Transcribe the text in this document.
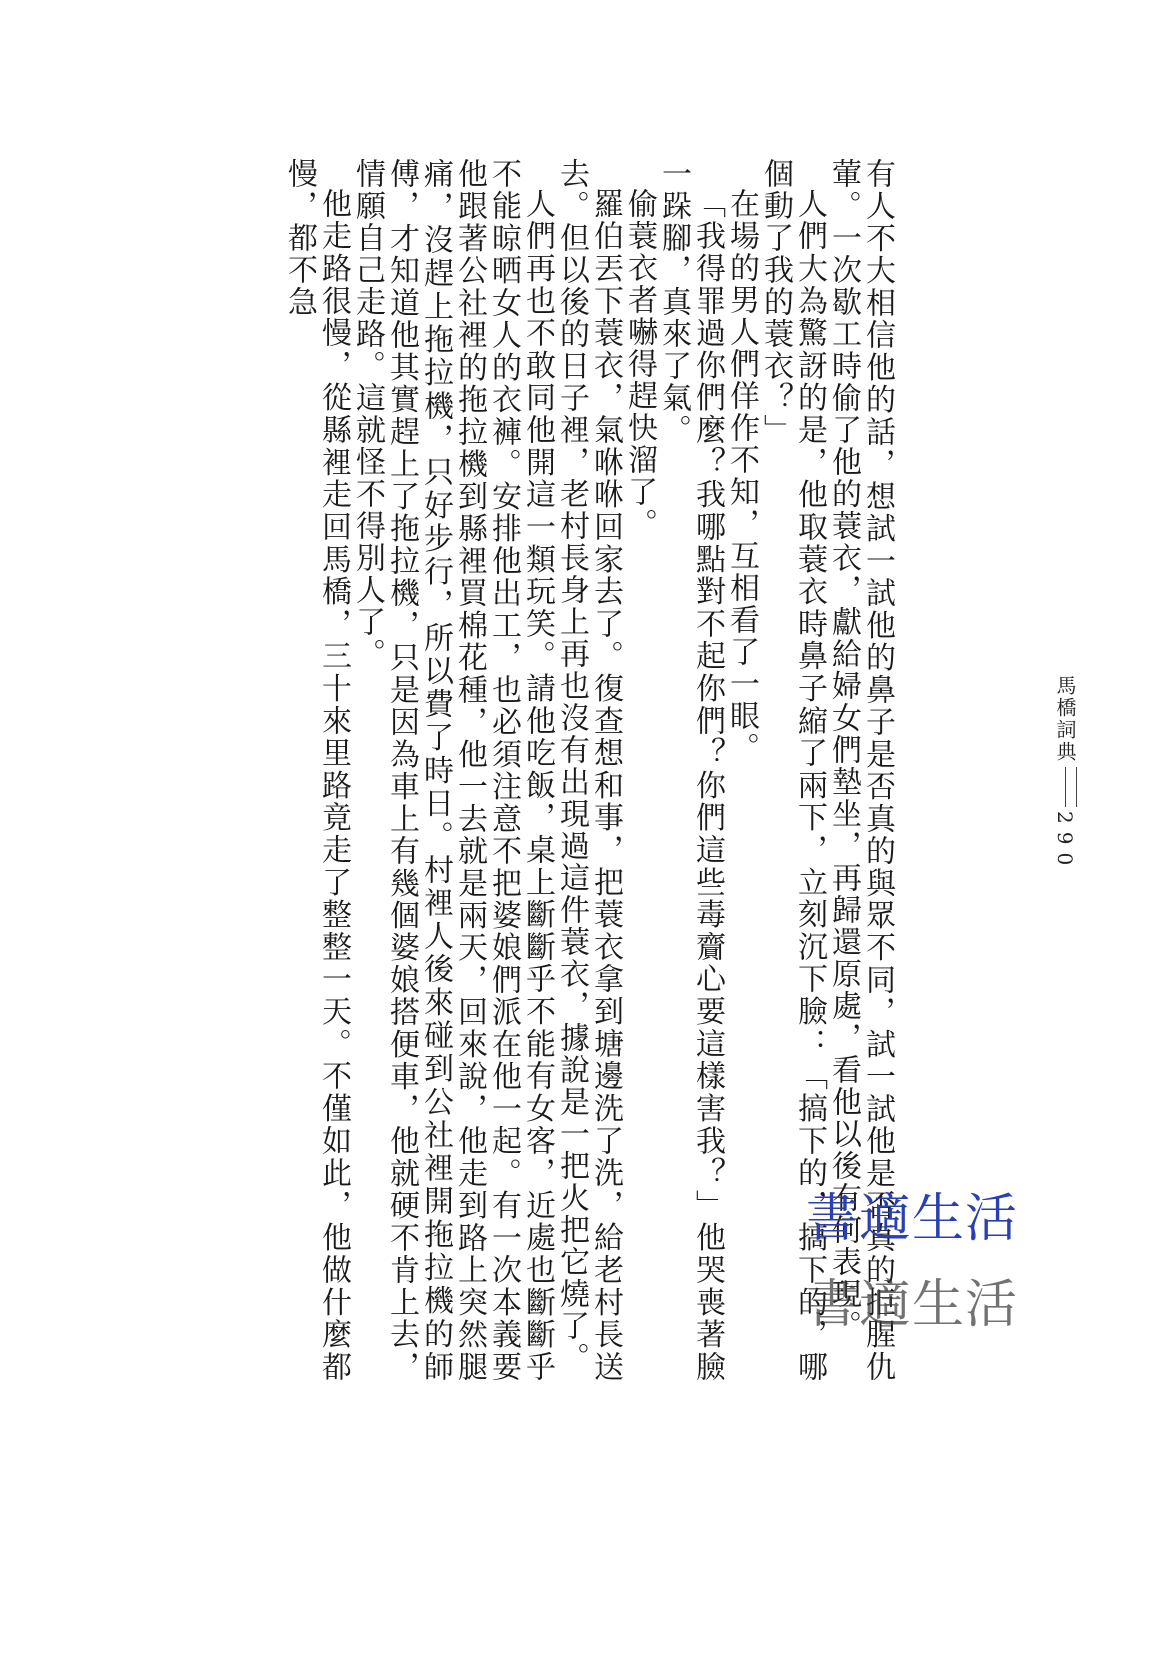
馬橋詞典290

有人不大相信他的話，想試一試他的鼻子是否真的與眾不同，試一試他是否真的拒腥仇葷。一次歇工時偷了他的蓑衣，獻給婦女們墊坐，再歸還原處，看他以後有何表現。

人們大為驚訝的是，他取蓑衣時鼻子縮了兩下，立刻沉下臉：「搞下的，搞下的，哪個動了我的蓑衣？」

在場的男人們佯作不知，互相看了一眼。

「我得罪過你們麼？我哪點對不起你們？你們這些毒齎心要這樣害我？」他哭喪著臉一跺腳，真來了氣。

偷蓑衣者嚇得趕快溜了。

羅伯丟下蓑衣，氣咻咻回家去了。復查想和事，把蓑衣拿到塘邊洗了洗，給老村長送去。但以後的日子裡，老村長身上再也沒有出現過這件蓑衣，據說是一把火把它燒了。

人們再也不敢同他開這一類玩笑。請他吃飯，桌上斷斷乎不能有女客，近處也斷斷乎不能晾晒女人的衣褲。安排他出工，也必須注意不把婆娘們派在他一起。有一次本義要他跟著公社裡的拖拉機到縣裡買棉花種，他一去就是兩天，回來說，他走到路上突然腿痛，沒趕上拖拉機，只好步行，所以費了時日。村裡人後來碰到公社裡開拖拉機的師傅，才知道他其實趕上了拖拉機，只是因為車上有幾個婆娘搭便車，他就硬不肯上去，情願自己走路。這就怪不得別人了。

他走路很慢，從縣裡走回馬橋，三十來里路竟走了整整一天。不僅如此，他做什麼都慢，都不急

書適生活
書適生活
